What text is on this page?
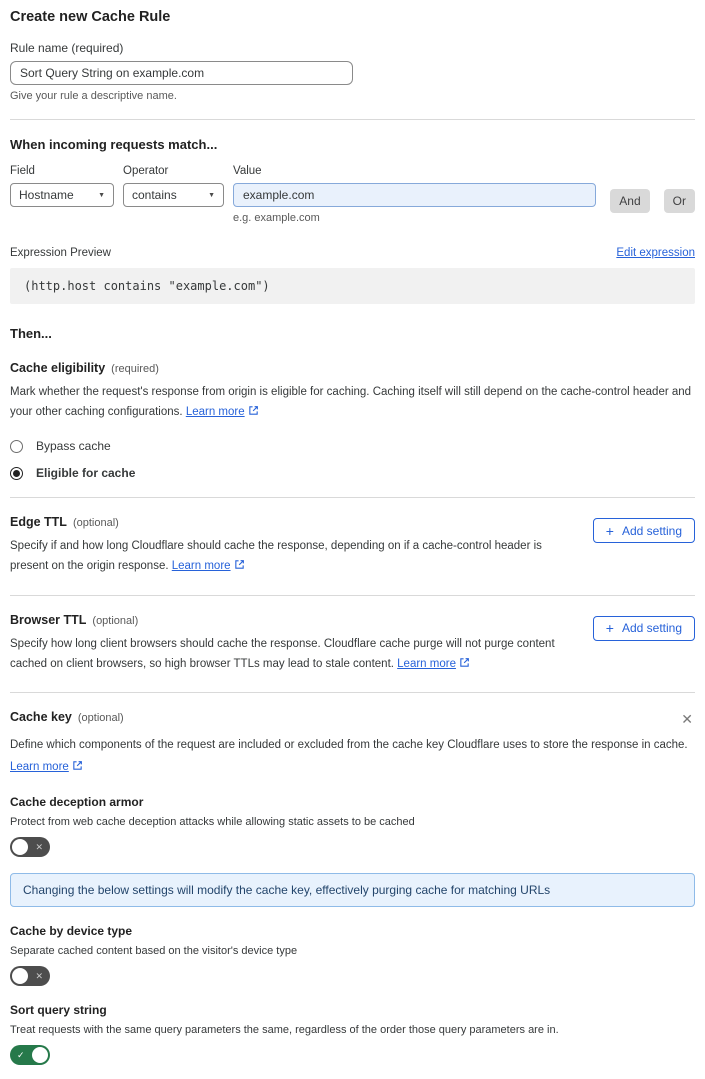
Create new Cache Rule
Rule name (required)
Sort Query String on example.com
Give your rule a descriptive name.
When incoming requests match...
Field
Hostname	▼
Operator
contains	▼
Value
example.com
e.g. example.com
And	Or
Expression Preview	Edit expression
(http.host contains "example.com")
Then...
Cache eligibility (required)

Mark whether the request's response from origin is eligible for caching. Caching itself will still depend on the cache-control header and your other caching configurations. Learn more

Bypass cache
Eligible for cache
Edge TTL (optional)

Specify if and how long Cloudflare should cache the response, depending on if a cache-control header is present on the origin response. Learn more

+ Add setting
Browser TTL (optional)

Specify how long client browsers should cache the response. Cloudflare cache purge will not purge content cached on client browsers, so high browser TTLs may lead to stale content. Learn more

+ Add setting
Cache key (optional)	✕

Define which components of the request are included or excluded from the cache key Cloudflare uses to store the response in cache.

Learn more
Cache deception armor
Protect from web cache deception attacks while allowing static assets to be cached
✕
Changing the below settings will modify the cache key, effectively purging cache for matching URLs
Cache by device type
Separate cached content based on the visitor's device type
✕
Sort query string
Treat requests with the same query parameters the same, regardless of the order those query parameters are in.
✓
